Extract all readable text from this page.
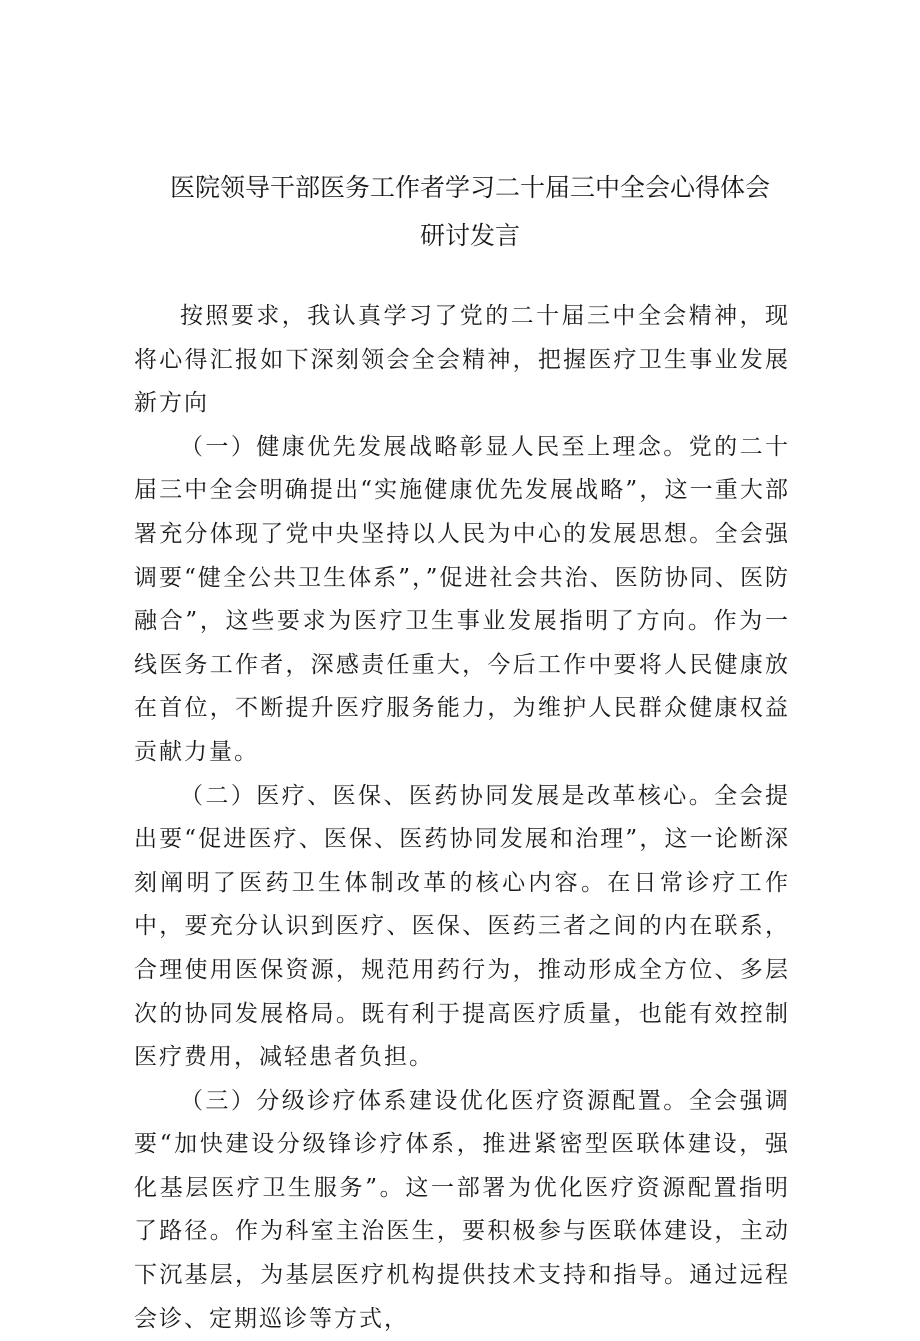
医院领导干部医务工作者学习二十届三中全会心得体会研讨发言

按照要求，我认真学习了党的二十届三中全会精神，现将心得汇报如下深刻领会全会精神，把握医疗卫生事业发展新方向

（一）健康优先发展战略彰显人民至上理念。党的二十届三中全会明确提出“实施健康优先发展战略”，这一重大部署充分体现了党中央坚持以人民为中心的发展思想。全会强调要“健全公共卫生体系”，”促进社会共治、医防协同、医防融合”，这些要求为医疗卫生事业发展指明了方向。作为一线医务工作者，深感责任重大，今后工作中要将人民健康放在首位，不断提升医疗服务能力，为维护人民群众健康权益贡献力量。

（二）医疗、医保、医药协同发展是改革核心。全会提出要“促进医疗、医保、医药协同发展和治理”，这一论断深刻阐明了医药卫生体制改革的核心内容。在日常诊疗工作中，要充分认识到医疗、医保、医药三者之间的内在联系，合理使用医保资源，规范用药行为，推动形成全方位、多层次的协同发展格局。既有利于提高医疗质量，也能有效控制医疗费用，减轻患者负担。

（三）分级诊疗体系建设优化医疗资源配置。全会强调要“加快建设分级锋诊疗体系，推进紧密型医联体建设，强化基层医疗卫生服务”。这一部署为优化医疗资源配置指明了路径。作为科室主治医生，要积极参与医联体建设，主动下沉基层，为基层医疗机构提供技术支持和指导。通过远程会诊、定期巡诊等方式，
